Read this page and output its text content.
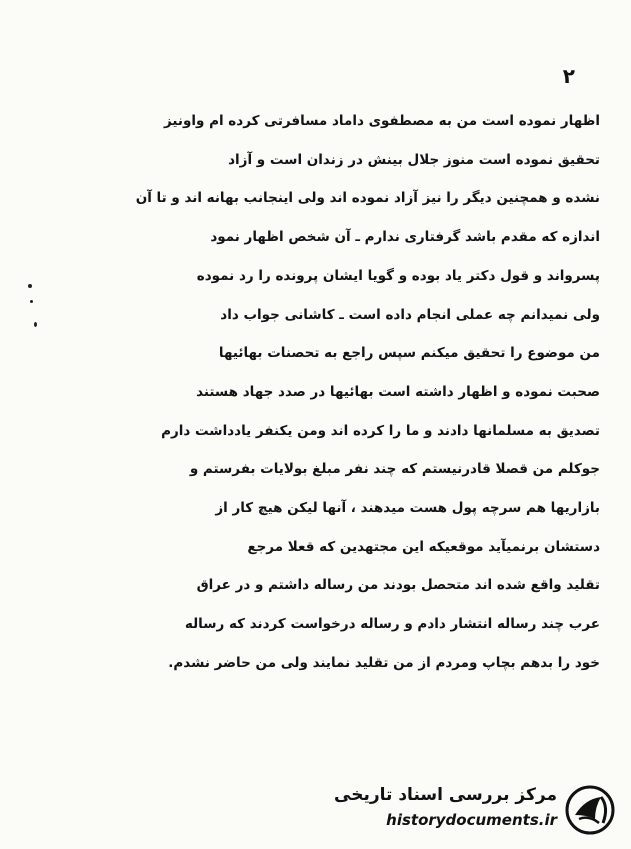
۲
اظهار نموده است من به مصطفوی داماد مسافرتی کرده ام واونیز
تحقیق نموده است منوز جلال بینش در زندان است و آزاد
نشده و همچنین دیگر را نیز آزاد نموده اند ولی اینجانب بهانه اند و تا آن
اندازه که مقدم باشد گرفتاری ندارم ـ آن شخص اظهار نمود
پسرواند و قول دکتر یاد بوده و گویا ایشان پرونده را رد نموده
ولی نمیدانم چه عملی انجام داده است ـ کاشانی جواب داد
من موضوع را تحقیق میکنم سپس راجع به تحصنات بهائیها
صحبت نموده و اظهار داشته است بهائیها در صدد جهاد هستند
تصدیق به مسلمانها دادند و ما را کرده اند ومن یکنفر یادداشت دارم
جوکلم من قصلا قادرنیستم که چند نفر مبلغ بولایات بفرستم و
بازاریها هم سرچه پول هست میدهند ، آنها لیکن هیچ کار از
دستشان برنمیآید موقعیکه این مجتهدین که قعلا مرجع
تقلید واقع شده اند متحصل بودند من رساله داشتم و در عراق
عرب چند رساله انتشار دادم و رساله درخواست کردند که رساله
خود را بدهم بچاپ ومردم از من تقلید نمایند ولی من حاضر نشدم.
مرکز بررسی اسناد تاریخی
historydocuments.ir
